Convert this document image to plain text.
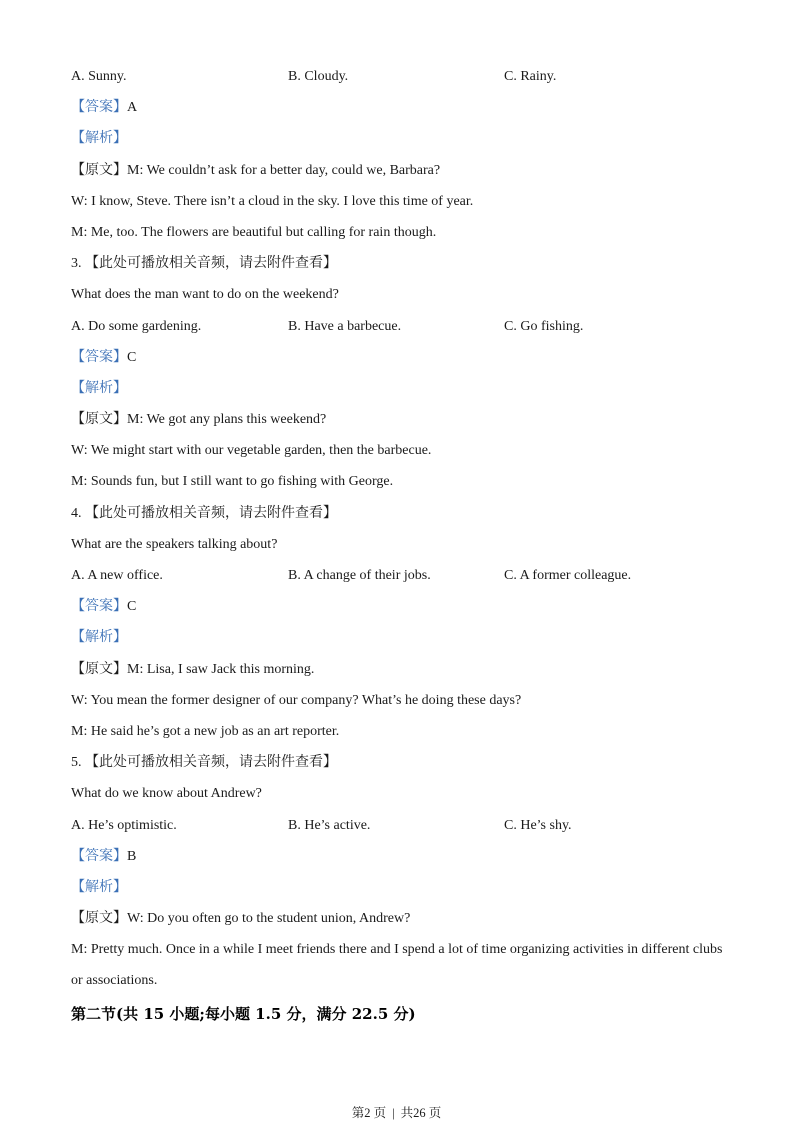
A. Sunny.	B. Cloudy.	C. Rainy.
【答案】A
【解析】
【原文】M: We couldn’t ask for a better day, could we, Barbara?
W: I know, Steve. There isn’t a cloud in the sky. I love this time of year.
M: Me, too. The flowers are beautiful but calling for rain though.
3. 【此处可播放相关音频，请去附件查看】
What does the man want to do on the weekend?
A. Do some gardening.	B. Have a barbecue.	C. Go fishing.
【答案】C
【解析】
【原文】M: We got any plans this weekend?
W: We might start with our vegetable garden, then the barbecue.
M: Sounds fun, but I still want to go fishing with George.
4. 【此处可播放相关音频，请去附件查看】
What are the speakers talking about?
A. A new office.	B. A change of their jobs.	C. A former colleague.
【答案】C
【解析】
【原文】M: Lisa, I saw Jack this morning.
W: You mean the former designer of our company? What’s he doing these days?
M: He said he’s got a new job as an art reporter.
5. 【此处可播放相关音频，请去附件查看】
What do we know about Andrew?
A. He’s optimistic.	B. He’s active.	C. He’s shy.
【答案】B
【解析】
【原文】W: Do you often go to the student union, Andrew?
M: Pretty much. Once in a while I meet friends there and I spend a lot of time organizing activities in different clubs
or associations.
第二节(共 15 小题;每小题 1.5 分，满分 22.5 分)
第2 页 | 共26 页
